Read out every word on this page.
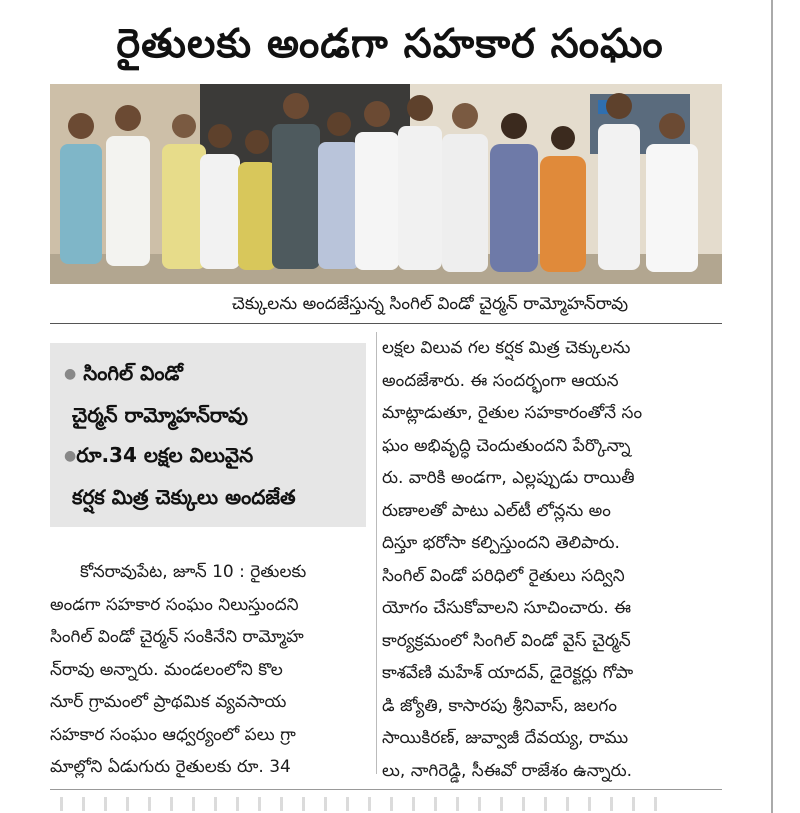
రైతులకు అండగా సహకార సంఘం
చెక్కులను అందజేస్తున్న సింగిల్ విండో చైర్మన్ రామ్మోహన్‌రావు
● సింగిల్ విండో
చైర్మన్ రామ్మోహన్‌రావు
●రూ.34 లక్షల విలువైన
కర్షక మిత్ర చెక్కులు అందజేత
కోనరావుపేట, జూన్ 10 : రైతులకు
అండగా సహకార సంఘం నిలుస్తుందని
సింగిల్ విండో చైర్మన్ సంకినేని రామ్మోహ
న్‌రావు అన్నారు. మండలంలోని కొల
నూర్ గ్రామంలో ప్రాథమిక వ్యవసాయ
సహకార సంఘం ఆధ్వర్యంలో పలు గ్రా
మాల్లోని ఏడుగురు రైతులకు రూ. 34
లక్షల విలువ గల కర్షక మిత్ర చెక్కులను
అందజేశారు. ఈ సందర్భంగా ఆయన
మాట్లాడుతూ, రైతుల సహకారంతోనే సం
ఘం అభివృద్ధి చెందుతుందని పేర్కొన్నా
రు. వారికి అండగా, ఎల్లప్పుడు రాయితీ
రుణాలతో పాటు ఎల్‌టీ లోన్లను అం
దిస్తూ భరోసా కల్పిస్తుందని తెలిపారు.
సింగిల్ విండో పరిధిలో రైతులు సద్విని
యోగం చేసుకోవాలని సూచించారు. ఈ
కార్యక్రమంలో సింగిల్ విండో వైస్ చైర్మన్
కాశవేణి మహేశ్ యాదవ్, డైరెక్టర్లు గోపా
డి జ్యోతి, కాసారపు శ్రీనివాస్, జలగం
సాయికిరణ్, జువ్వాజీ దేవయ్య, రాము
లు, నాగిరెడ్డి, సీఈవో రాజేశం ఉన్నారు.
